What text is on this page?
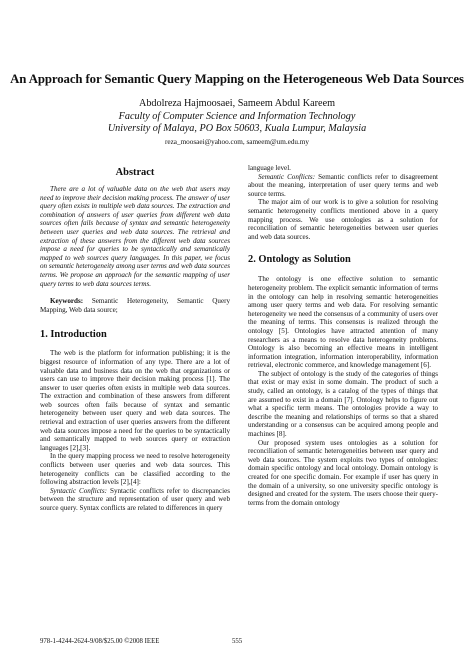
An Approach for Semantic Query Mapping on the Heterogeneous Web Data Sources
Abdolreza Hajmoosaei, Sameem Abdul Kareem
Faculty of Computer Science and Information Technology
University of Malaya, PO Box 50603, Kuala Lumpur, Malaysia
reza_moosaei@yahoo.com, sameem@um.edu.my
Abstract
There are a lot of valuable data on the web that users may need to improve their decision making process. The answer of user query often exists in multiple web data sources. The extraction and combination of answers of user queries from different web data sources often fails because of syntax and semantic heterogeneity between user queries and web data sources. The retrieval and extraction of these answers from the different web data sources impose a need for queries to be syntactically and semantically mapped to web sources query languages. In this paper, we focus on semantic heterogeneity among user terms and web data sources terms. We propose an approach for the semantic mapping of user query terms to web data sources terms.

Keywords: Semantic Heterogeneity, Semantic Query Mapping, Web data source;

1. Introduction

The web is the platform for information publishing; it is the biggest resource of information of any type. There are a lot of valuable data and business data on the web that organizations or users can use to improve their decision making process [1]. The answer to user queries often exists in multiple web data sources. The extraction and combination of these answers from different web sources often fails because of syntax and semantic heterogeneity between user query and web data sources. The retrieval and extraction of user queries answers from the different web data sources impose a need for the queries to be syntactically and semantically mapped to web sources query or extraction languages [2],[3].

In the query mapping process we need to resolve heterogeneity conflicts between user queries and web data sources. This heterogeneity conflicts can be classified according to the following abstraction levels [2],[4]:

Syntactic Conflicts: Syntactic conflicts refer to discrepancies between the structure and representation of user query and web source query. Syntax conflicts are related to differences in query

language level.

Semantic Conflicts: Semantic conflicts refer to disagreement about the meaning, interpretation of user query terms and web source terms.

The major aim of our work is to give a solution for resolving semantic heterogeneity conflicts mentioned above in a query mapping process. We use ontologies as a solution for reconciliation of semantic heterogeneities between user queries and web data sources.

2. Ontology as Solution

The ontology is one effective solution to semantic heterogeneity problem. The explicit semantic information of terms in the ontology can help in resolving semantic heterogeneities among user query terms and web data. For resolving semantic heterogeneity we need the consensus of a community of users over the meaning of terms. This consensus is realized through the ontology [5]. Ontologies have attracted attention of many researchers as a means to resolve data heterogeneity problems. Ontology is also becoming an effective means in intelligent information integration, information interoperability, information retrieval, electronic commerce, and knowledge management [6].

The subject of ontology is the study of the categories of things that exist or may exist in some domain. The product of such a study, called an ontology, is a catalog of the types of things that are assumed to exist in a domain [7]. Ontology helps to figure out what a specific term means. The ontologies provide a way to describe the meaning and relationships of terms so that a shared understanding or a consensus can be acquired among people and machines [8].

Our proposed system uses ontologies as a solution for reconciliation of semantic heterogeneities between user query and web data sources. The system exploits two types of ontologies: domain specific ontology and local ontology. Domain ontology is created for one specific domain. For example if user has query in the domain of a university, so one university specific ontology is designed and created for the system. The users choose their query-terms from the domain ontology

978-1-4244-2624-9/08/$25.00 ©2008 IEEE	555
